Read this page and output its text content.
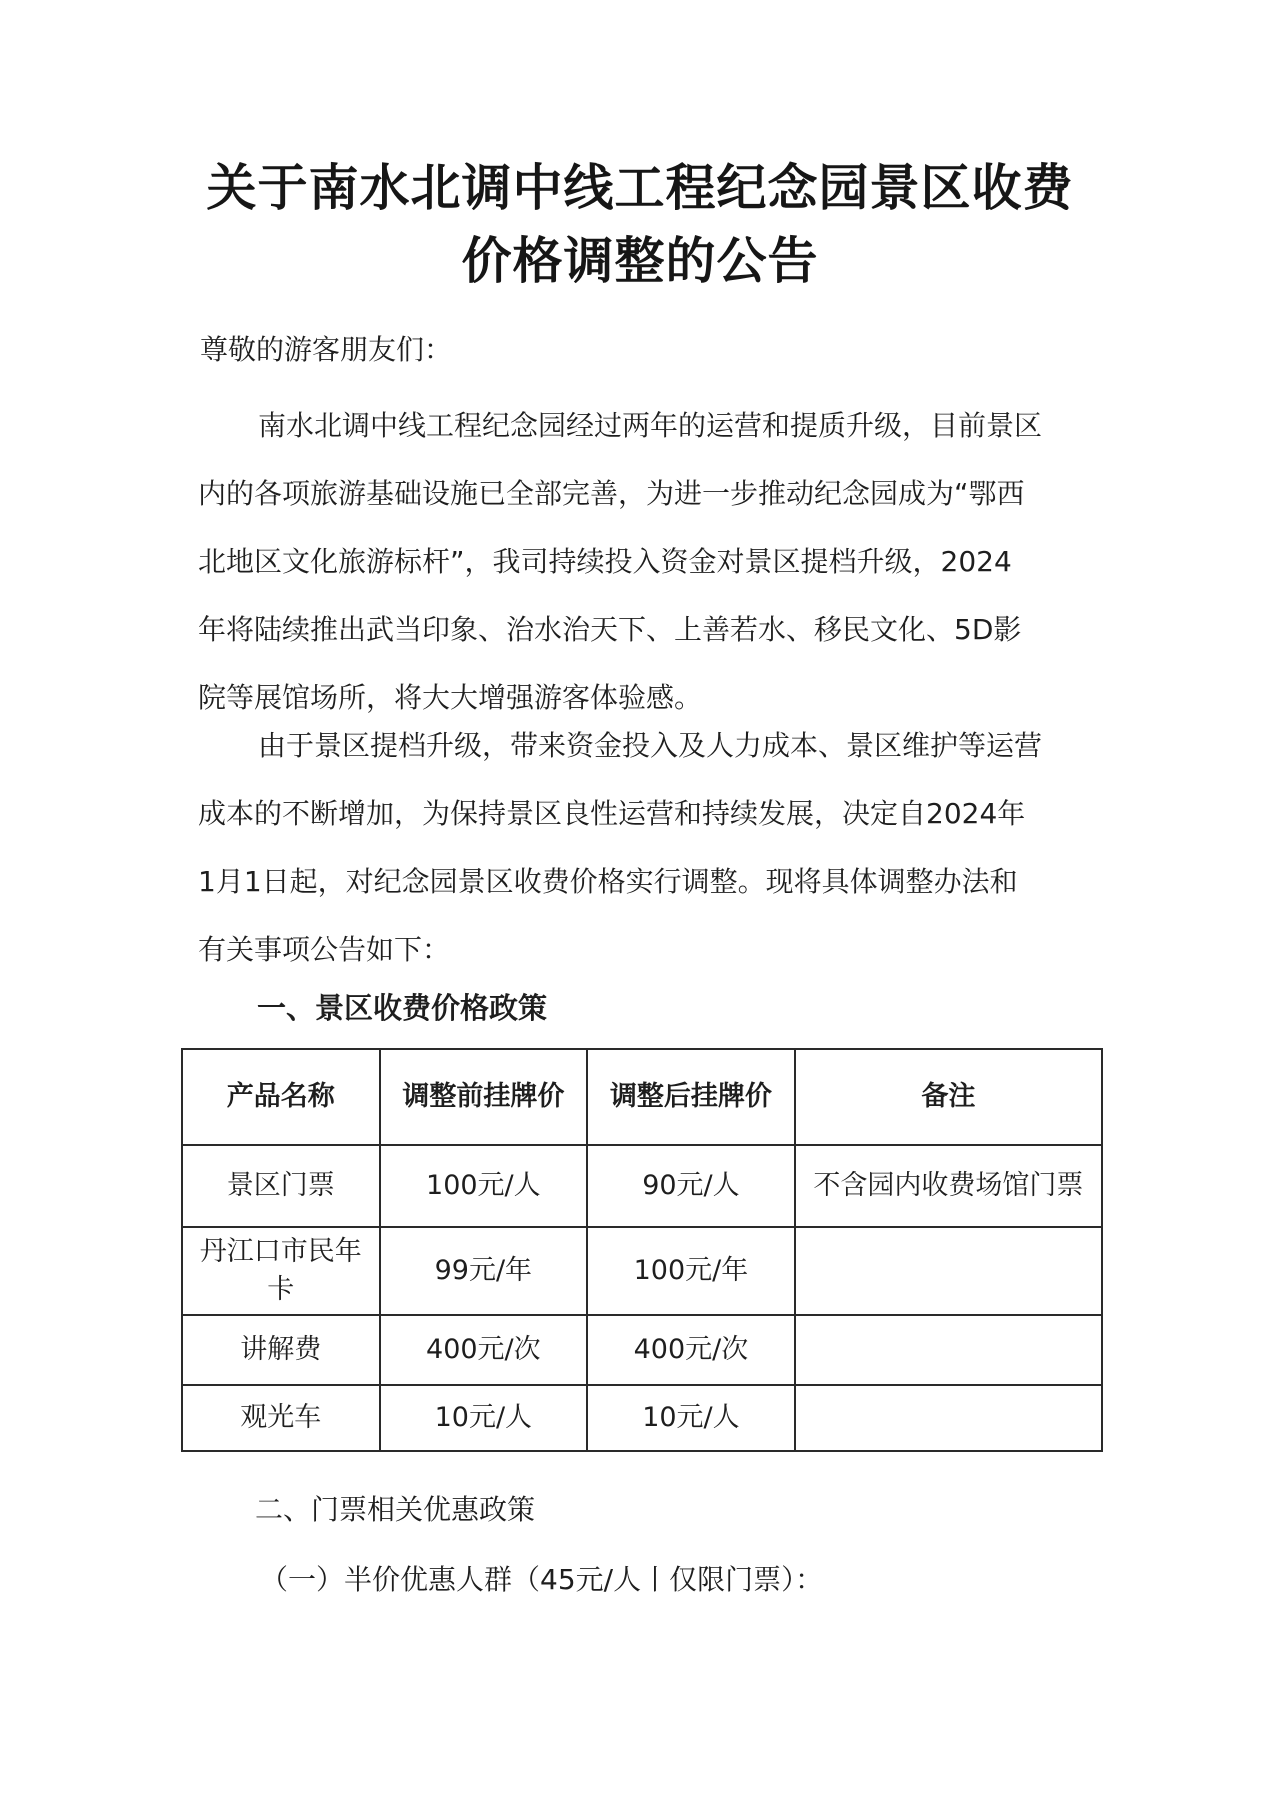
关于南水北调中线工程纪念园景区收费
价格调整的公告

尊敬的游客朋友们：

南水北调中线工程纪念园经过两年的运营和提质升级，目前景区
内的各项旅游基础设施已全部完善，为进一步推动纪念园成为“鄂西
北地区文化旅游标杆”，我司持续投入资金对景区提档升级，2024
年将陆续推出武当印象、治水治天下、上善若水、移民文化、5D影
院等展馆场所，将大大增强游客体验感。
由于景区提档升级，带来资金投入及人力成本、景区维护等运营
成本的不断增加，为保持景区良性运营和持续发展，决定自2024年
1月1日起，对纪念园景区收费价格实行调整。现将具体调整办法和
有关事项公告如下：
一、景区收费价格政策
产品名称	调整前挂牌价	调整后挂牌价	备注
景区门票	100元/人	90元/人	不含园内收费场馆门票
丹江口市民年卡	99元/年	100元/年	
讲解费	400元/次	400元/次	
观光车	10元/人	10元/人	
二、门票相关优惠政策
（一）半价优惠人群（45元/人丨仅限门票）：
